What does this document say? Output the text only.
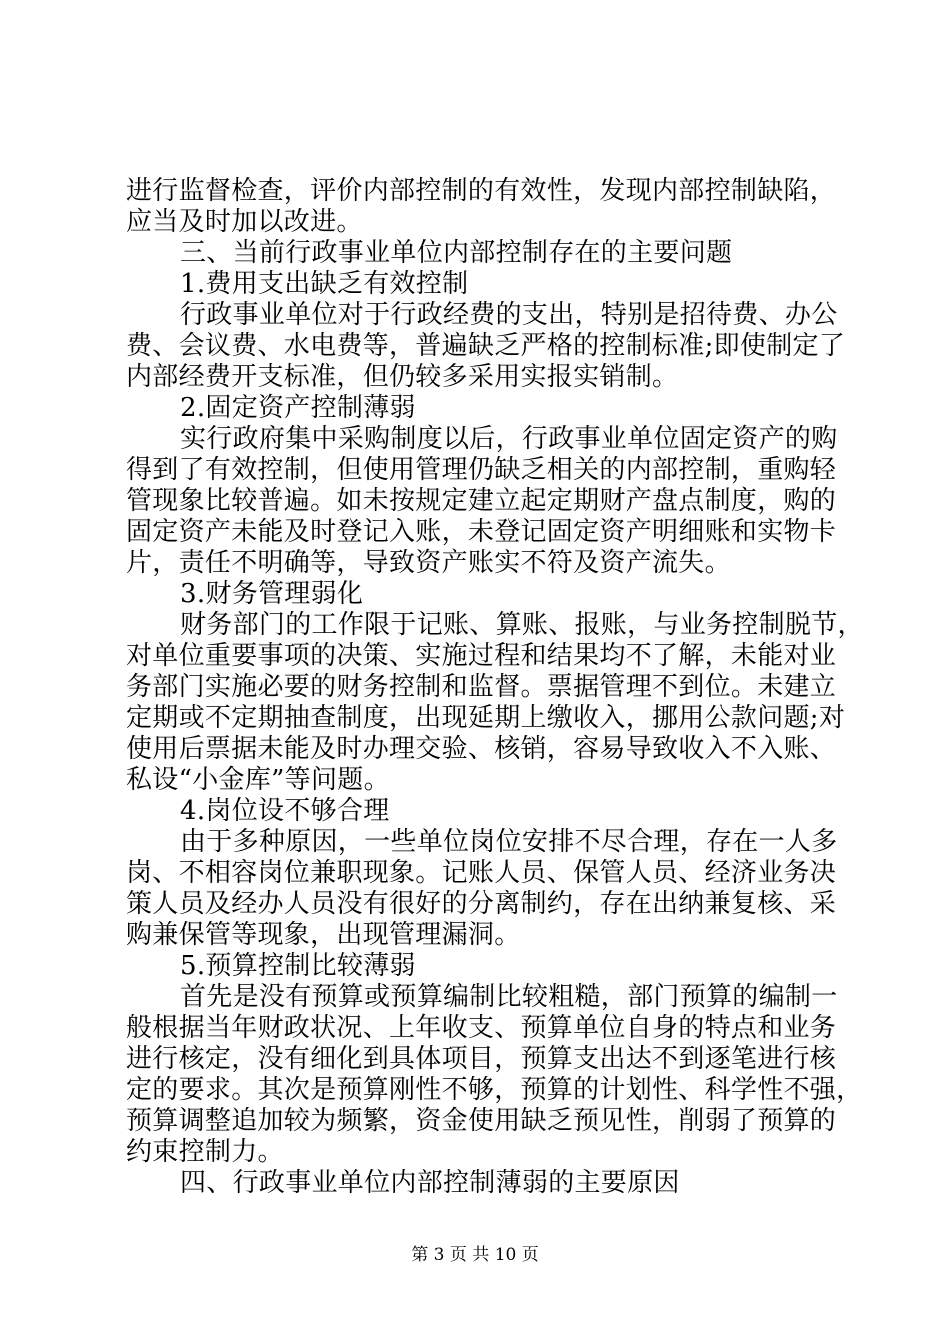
进行监督检查，评价内部控制的有效性，发现内部控制缺陷，
应当及时加以改进。
三、当前行政事业单位内部控制存在的主要问题
1.费用支出缺乏有效控制
行政事业单位对于行政经费的支出，特别是招待费、办公
费、会议费、水电费等，普遍缺乏严格的控制标准;即使制定了
内部经费开支标准，但仍较多采用实报实销制。
2.固定资产控制薄弱
实行政府集中采购制度以后，行政事业单位固定资产的购
得到了有效控制，但使用管理仍缺乏相关的内部控制，重购轻
管现象比较普遍。如未按规定建立起定期财产盘点制度，购的
固定资产未能及时登记入账，未登记固定资产明细账和实物卡
片，责任不明确等，导致资产账实不符及资产流失。
3.财务管理弱化
财务部门的工作限于记账、算账、报账，与业务控制脱节，
对单位重要事项的决策、实施过程和结果均不了解，未能对业
务部门实施必要的财务控制和监督。票据管理不到位。未建立
定期或不定期抽查制度，出现延期上缴收入，挪用公款问题;对
使用后票据未能及时办理交验、核销，容易导致收入不入账、
私设“小金库”等问题。
4.岗位设不够合理
由于多种原因，一些单位岗位安排不尽合理，存在一人多
岗、不相容岗位兼职现象。记账人员、保管人员、经济业务决
策人员及经办人员没有很好的分离制约，存在出纳兼复核、采
购兼保管等现象，出现管理漏洞。
5.预算控制比较薄弱
首先是没有预算或预算编制比较粗糙，部门预算的编制一
般根据当年财政状况、上年收支、预算单位自身的特点和业务
进行核定，没有细化到具体项目，预算支出达不到逐笔进行核
定的要求。其次是预算刚性不够，预算的计划性、科学性不强，
预算调整追加较为频繁，资金使用缺乏预见性，削弱了预算的
约束控制力。
四、行政事业单位内部控制薄弱的主要原因
第 3 页 共 10 页
